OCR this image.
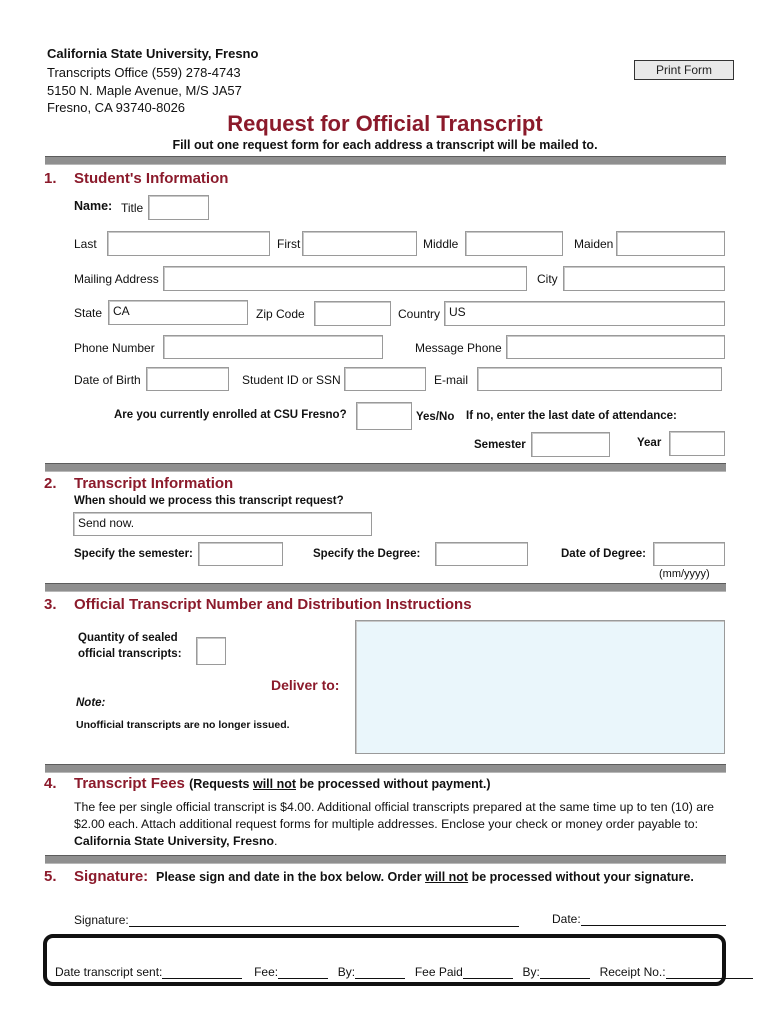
California State University, Fresno
Transcripts Office (559) 278-4743
5150 N. Maple Avenue, M/S JA57
Fresno, CA 93740-8026
Print Form
Request for Official Transcript
Fill out one request form for each address a transcript will be mailed to.
1. Student's Information
Name: Title
Last	First	Middle	Maiden
Mailing Address	City
State CA	Zip Code	Country US
Phone Number	Message Phone
Date of Birth	Student ID or SSN	E-mail
Are you currently enrolled at CSU Fresno?	Yes/No If no, enter the last date of attendance:
Semester	Year
2. Transcript Information
When should we process this transcript request?
Send now.
Specify the semester:	Specify the Degree:	Date of Degree:
(mm/yyyy)
3. Official Transcript Number and Distribution Instructions
Quantity of sealed
official transcripts:
Deliver to:
Note:
Unofficial transcripts are no longer issued.
4. Transcript Fees (Requests will not be processed without payment.)
The fee per single official transcript is $4.00. Additional official transcripts prepared at the same time up to ten (10) are $2.00 each. Attach additional request forms for multiple addresses. Enclose your check or money order payable to: California State University, Fresno.
5. Signature: Please sign and date in the box below. Order will not be processed without your signature.
Signature:	Date:
Date transcript sent:	Fee:	By:	Fee Paid	By:	Receipt No.:
